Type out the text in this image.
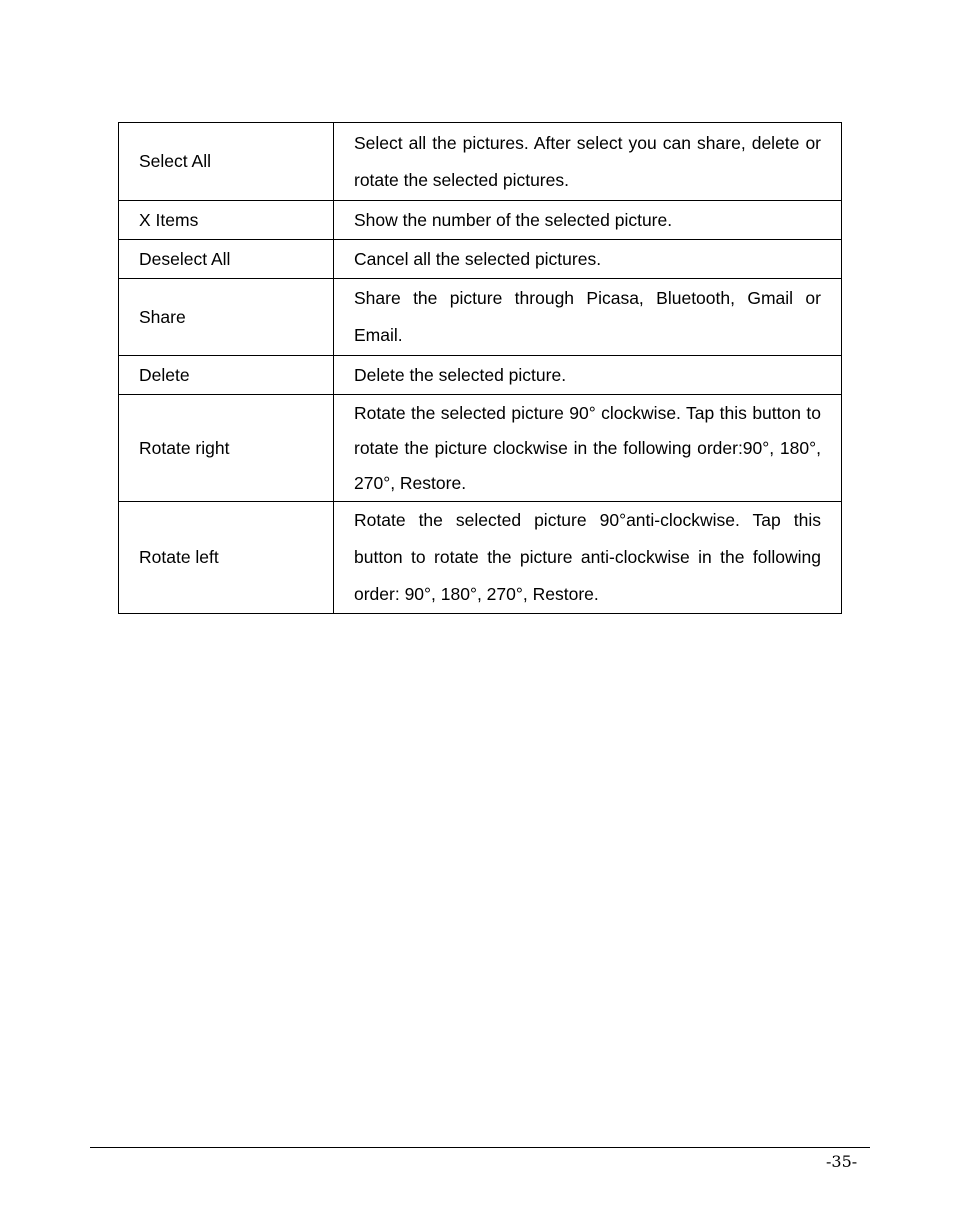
Select All	Select all the pictures. After select you can share, delete or rotate the selected pictures.
X Items	Show the number of the selected picture.
Deselect All	Cancel all the selected pictures.
Share	Share the picture through Picasa, Bluetooth, Gmail or Email.
Delete	Delete the selected picture.
Rotate right	Rotate the selected picture 90° clockwise. Tap this button to rotate the picture clockwise in the following order:90°, 180°, 270°, Restore.
Rotate left	Rotate the selected picture 90°anti-clockwise. Tap this button to rotate the picture anti-clockwise in the following order: 90°, 180°, 270°, Restore.
-35-
